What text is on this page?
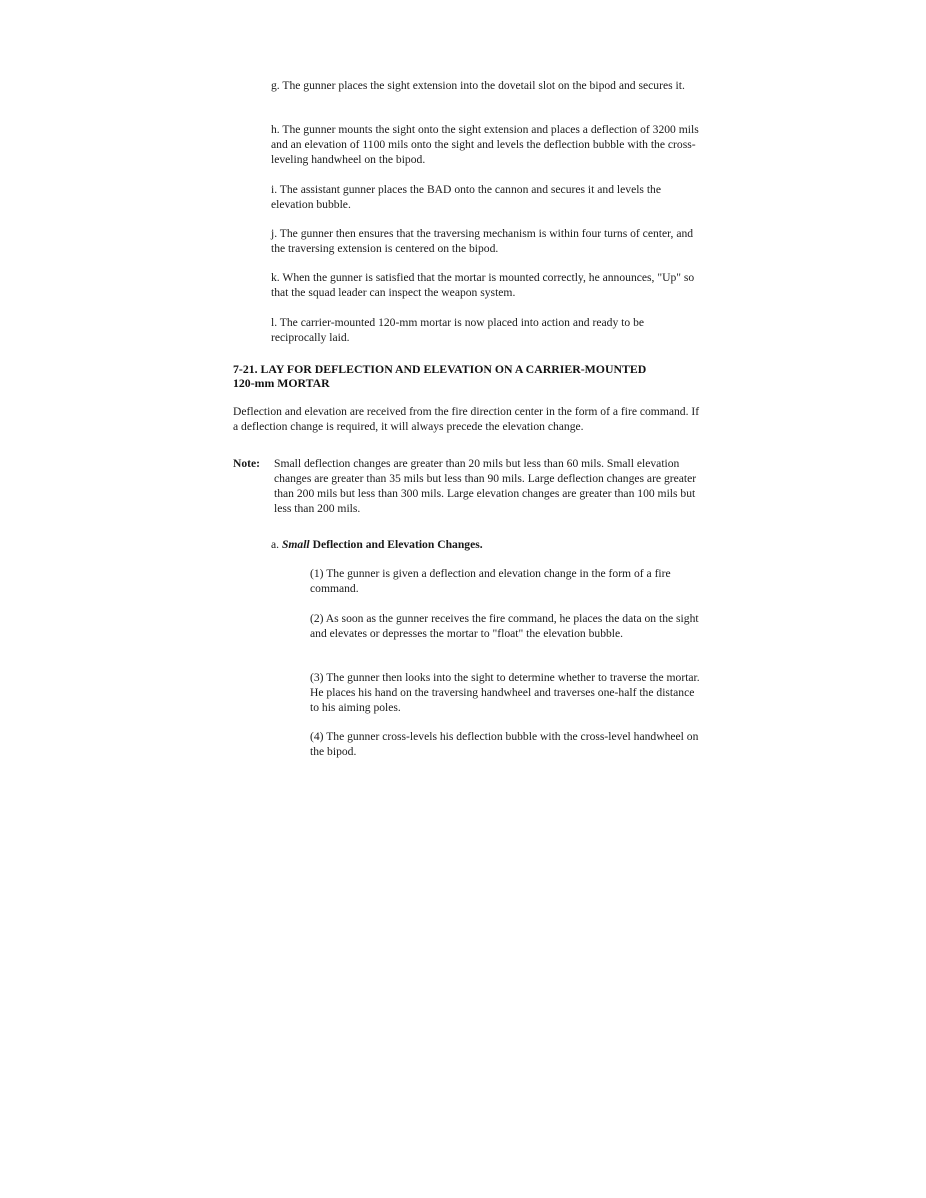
g. The gunner places the sight extension into the dovetail slot on the bipod and secures it.

h. The gunner mounts the sight onto the sight extension and places a deflection of 3200 mils and an elevation of 1100 mils onto the sight and levels the deflection bubble with the cross-leveling handwheel on the bipod.

i. The assistant gunner places the BAD onto the cannon and secures it and levels the elevation bubble.

j. The gunner then ensures that the traversing mechanism is within four turns of center, and the traversing extension is centered on the bipod.

k. When the gunner is satisfied that the mortar is mounted correctly, he announces, "Up" so that the squad leader can inspect the weapon system.

l. The carrier-mounted 120-mm mortar is now placed into action and ready to be reciprocally laid.

7-21. LAY FOR DEFLECTION AND ELEVATION ON A CARRIER-MOUNTED
120-mm MORTAR

Deflection and elevation are received from the fire direction center in the form of a fire command. If a deflection change is required, it will always precede the elevation change.

Note: Small deflection changes are greater than 20 mils but less than 60 mils. Small elevation changes are greater than 35 mils but less than 90 mils. Large deflection changes are greater than 200 mils but less than 300 mils. Large elevation changes are greater than 100 mils but less than 200 mils.

a. Small Deflection and Elevation Changes.

(1) The gunner is given a deflection and elevation change in the form of a fire command.

(2) As soon as the gunner receives the fire command, he places the data on the sight and elevates or depresses the mortar to "float" the elevation bubble.

(3) The gunner then looks into the sight to determine whether to traverse the mortar. He places his hand on the traversing handwheel and traverses one-half the distance to his aiming poles.

(4) The gunner cross-levels his deflection bubble with the cross-level handwheel on the bipod.
